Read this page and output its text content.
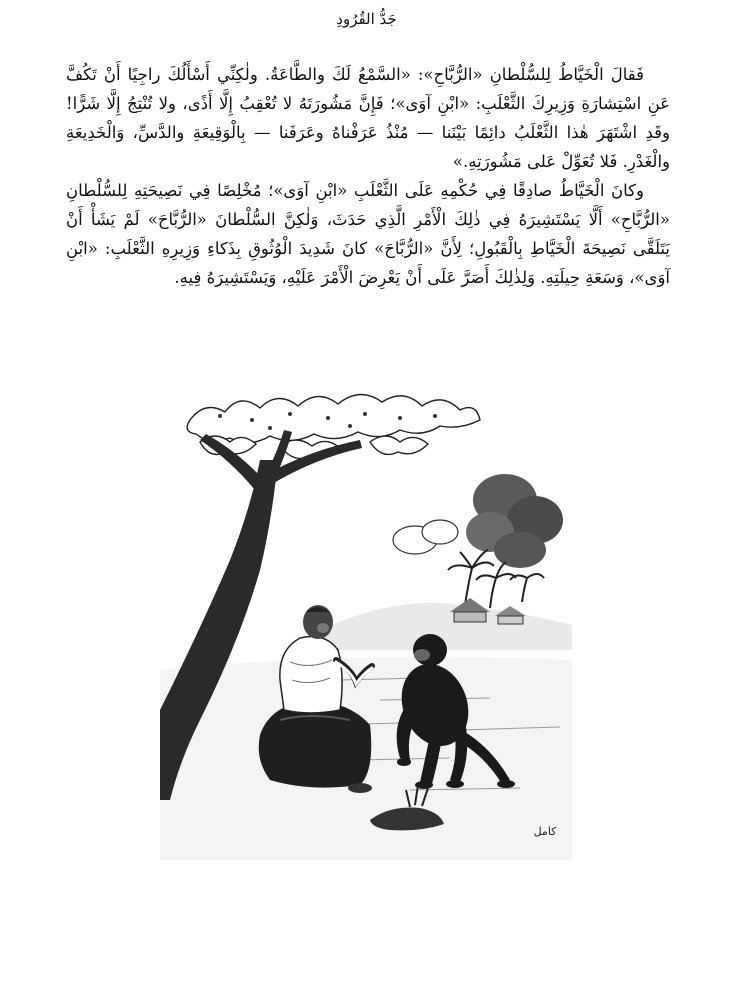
جَدُّ القُرُودِ

فَقالَ الْخَيَّاطُ لِلسُّلْطانِ «الرُّبَّاحِ»: «السَّمْعُ لَكَ والطَّاعَةُ. ولٰكِنِّي أَسْأَلُكَ راجِيًا أَنْ تَكُفَّ عَنِ اسْتِشارَةِ وَزِيرِكَ الثَّعْلَبِ: «ابْنِ آوَى»؛ فَإِنَّ مَشُورَتَهُ لا تُعْقِبُ إِلَّا أَذًى، ولا تُنْتِجُ إِلَّا شَرًّا! وقَدِ اشْتَهَرَ هٰذا الثَّعْلَبُ دائِمًا بَيْنَنا — مُنْذُ عَرَفْناهُ وعَرَفَنا — بِالْوَقِيعَةِ والدَّسِّ، وَالْخَدِيعَةِ والْغَدْرِ. فَلا تُعَوِّلْ عَلى مَشُورَتِهِ.»

وكانَ الْخَيَّاطُ صادِقًا فِي حُكْمِهِ عَلَى الثَّعْلَبِ «ابْنِ آوَى»؛ مُخْلِصًا فِي نَصِيحَتِهِ لِلسُّلْطانِ «الرُّبَّاحِ» أَلَّا يَسْتَشِيرَهُ فِي ذٰلِكَ الْأَمْرِ الَّذِي حَدَثَ، وَلٰكِنَّ السُّلْطانَ «الرُّبَّاحَ» لَمْ يَشَأْ أَنْ يَتَلَقَّى نَصِيحَةَ الْخَيَّاطِ بِالْقَبُولِ؛ لِأَنَّ «الرُّبَّاحَ» كانَ شَدِيدَ الْوُثُوقِ بِذَكاءِ وَزِيرِهِ الثَّعْلَبِ: «ابْنِ آوَى»، وَسَعَةِ حِيلَتِهِ. وَلِذٰلِكَ أَصَرَّ عَلَى أَنْ يَعْرِضَ الْأَمْرَ عَلَيْهِ، وَيَسْتَشِيرَهُ فِيهِ.

كامل
